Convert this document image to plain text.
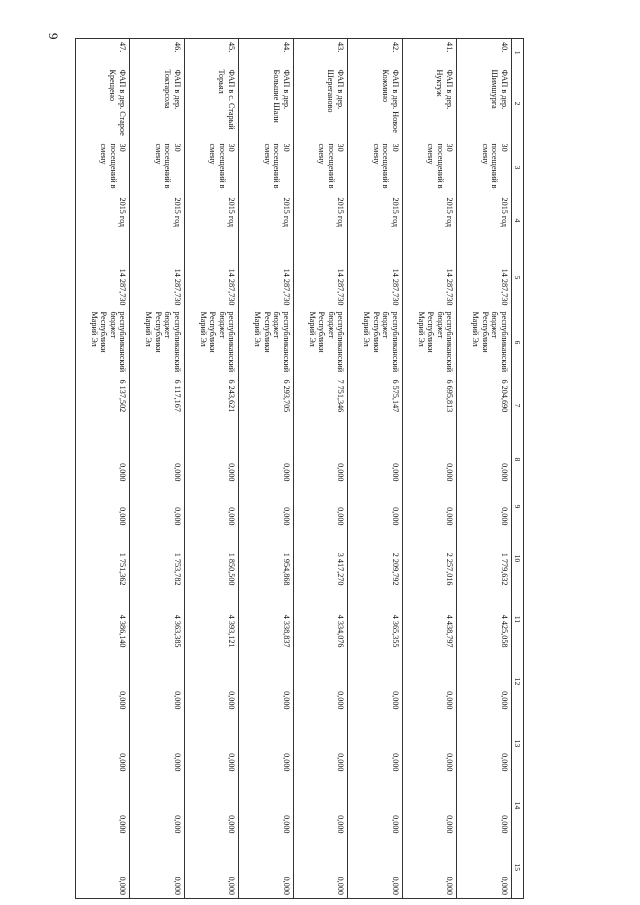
9
1	2	3	4	5	6	7	8	9	10	11	12	13	14	15
40.	ФАП в дер. Шимшурга	30 посещений в смену	2015 год	14 287,730	республиканский бюджет Республики Марий Эл	6 204,690	0,000	0,000	1 779,632	4 425,058	0,000	0,000	0,000	0,000
41.	ФАП в дер. Нуктуж	30 посещений в смену	2015 год	14 287,730	республиканский бюджет Республики Марий Эл	6 695,813	0,000	0,000	2 257,016	4 438,797	0,000	0,000	0,000	0,000
42.	ФАП в дер. Новое Кожмино	30 посещений в смену	2015 год	14 287,730	республиканский бюджет Республики Марий Эл	6 575,147	0,000	0,000	2 209,792	4 365,355	0,000	0,000	0,000	0,000
43.	ФАП в дер. Шереганово	30 посещений в смену	2015 год	14 287,730	республиканский бюджет Республики Марий Эл	7 751,346	0,000	0,000	3 417,270	4 334,076	0,000	0,000	0,000	0,000
44.	ФАП в дер. Большие Шали	30 посещений в смену	2015 год	14 287,730	республиканский бюджет Республики Марий Эл	6 293,705	0,000	0,000	1 954,868	4 338,837	0,000	0,000	0,000	0,000
45.	ФАП в с. Старый Торьял	30 посещений в смену	2015 год	14 287,730	республиканский бюджет Республики Марий Эл	6 243,621	0,000	0,000	1 850,500	4 393,121	0,000	0,000	0,000	0,000
46.	ФАП в дер. Токтарсола	30 посещений в смену	2015 год	14 287,730	республиканский бюджет Республики Марий Эл	6 117,167	0,000	0,000	1 753,782	4 363,385	0,000	0,000	0,000	0,000
47.	ФАП в дер. Старое Крещено	30 посещений в смену	2015 год	14 287,730	республиканский бюджет Республики Марий Эл	6 137,502	0,000	0,000	1 751,362	4 386,140	0,000	0,000	0,000	0,000
